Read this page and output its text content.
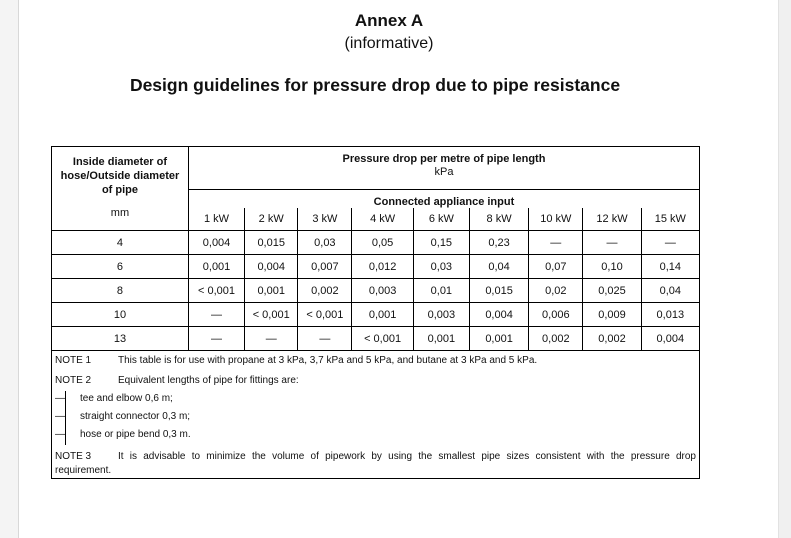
Annex A
(informative)
Design guidelines for pressure drop due to pipe resistance
Inside diameter of
hose/Outside diameter
of pipe
mm	Pressure drop per metre of pipe length
kPa								

	Connected appliance input								
	1 kW	2 kW	3 kW	4 kW	6 kW	8 kW	10 kW	12 kW	15 kW
4	0,004	0,015	0,03	0,05	0,15	0,23	—	—	—
6	0,001	0,004	0,007	0,012	0,03	0,04	0,07	0,10	0,14
8	< 0,001	0,001	0,002	0,003	0,01	0,015	0,02	0,025	0,04
10	—	< 0,001	< 0,001	0,001	0,003	0,004	0,006	0,009	0,013
13	—	—	—	< 0,001	0,001	0,001	0,002	0,002	0,004
NOTE 1	This table is for use with propane at 3 kPa, 3,7 kPa and 5 kPa, and butane at 3 kPa and 5 kPa.
NOTE 2	Equivalent lengths of pipe for fittings are:
— tee and elbow 0,6 m;
— straight connector 0,3 m;
— hose or pipe bend 0,3 m.
NOTE 3	It is advisable to minimize the volume of pipework by using the smallest pipe sizes consistent with the pressure drop
requirement.
